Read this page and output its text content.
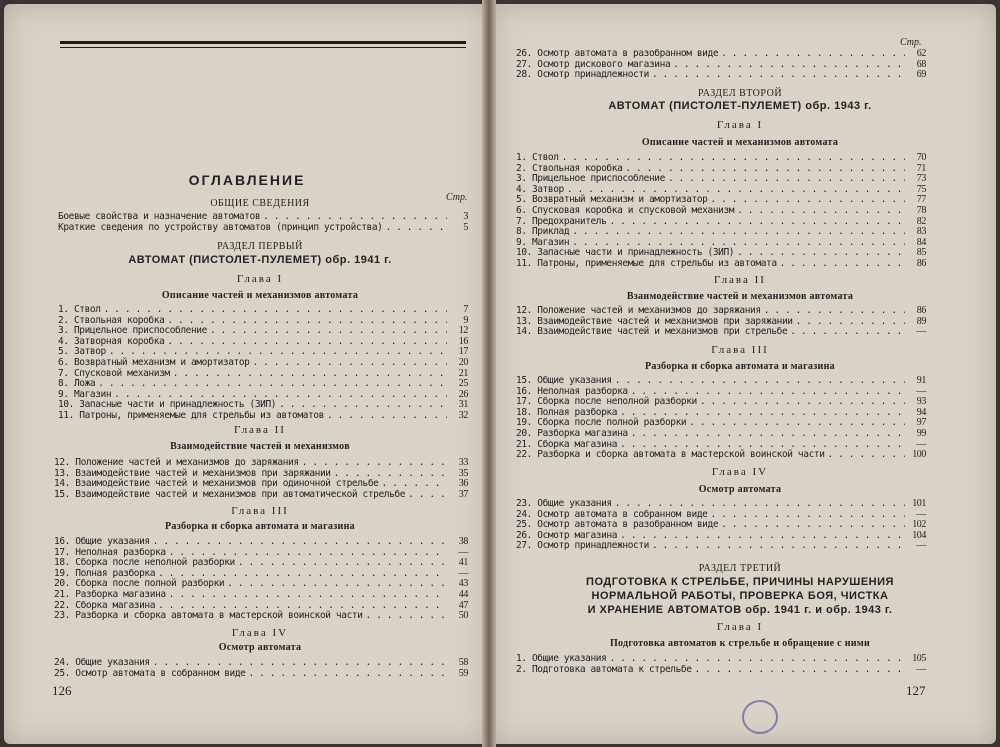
ОГЛАВЛЕНИЕ
Стр.
ОБЩИЕ СВЕДЕНИЯ
Боевые свойства и назначение автоматов . . .	3
Краткие сведения по устройству автоматов (принцип устройства) . . .	5
РАЗДЕЛ ПЕРВЫЙ
АВТОМАТ (ПИСТОЛЕТ-ПУЛЕМЕТ) обр. 1941 г.
Глава I
Описание частей и механизмов автомата
1. Ствол . . .	7
2. Ствольная коробка . . .	9
3. Прицельное приспособление . . .	12
4. Затворная коробка . . .	16
5. Затвор . . .	17
6. Возвратный механизм и амортизатор . . .	20
7. Спусковой механизм . . .	21
8. Ложа . . .	25
9. Магазин . . .	26
10. Запасные части и принадлежность (ЗИП) . . .	31
11. Патроны, применяемые для стрельбы из автоматов . . .	32
Глава II
Взаимодействие частей и механизмов
12. Положение частей и механизмов до заряжания . . .	33
13. Взаимодействие частей и механизмов при заряжании . . .	35
14. Взаимодействие частей и механизмов при одиночной стрельбе . . .	36
15. Взаимодействие частей и механизмов при автоматической стрельбе . . .	37
Глава III
Разборка и сборка автомата и магазина
16. Общие указания . . .	38
17. Неполная разборка . . .	—
18. Сборка после неполной разборки . . .	41
19. Полная разборка . . .	—
20. Сборка после полной разборки . . .	43
21. Разборка магазина . . .	44
22. Сборка магазина . . .	47
23. Разборка и сборка автомата в мастерской воинской части . . .	50
Глава IV
Осмотр автомата
24. Общие указания . . .	58
25. Осмотр автомата в собранном виде . . .	59
126
Стр.
26. Осмотр автомата в разобранном виде . . .	62
27. Осмотр дискового магазина . . .	68
28. Осмотр принадлежности . . .	69
РАЗДЕЛ ВТОРОЙ
АВТОМАТ (ПИСТОЛЕТ-ПУЛЕМЕТ) обр. 1943 г.
Глава I
Описание частей и механизмов автомата
1. Ствол . . .	70
2. Ствольная коробка . . .	71
3. Прицельное приспособление . . .	73
4. Затвор . . .	75
5. Возвратный механизм и амортизатор . . .	77
6. Спусковая коробка и спусковой механизм . . .	78
7. Предохранитель . . .	82
8. Приклад . . .	83
9. Магазин . . .	84
10. Запасные части и принадлежность (ЗИП) . . .	85
11. Патроны, применяемые для стрельбы из автомата . . .	86
Глава II
Взаимодействие частей и механизмов автомата
12. Положение частей и механизмов до заряжания . . .	86
13. Взаимодействие частей и механизмов при заряжании . . .	89
14. Взаимодействие частей и механизмов при стрельбе . . .	—
Глава III
Разборка и сборка автомата и магазина
15. Общие указания . . .	91
16. Неполная разборка . . .	—
17. Сборка после неполной разборки . . .	93
18. Полная разборка . . .	94
19. Сборка после полной разборки . . .	97
20. Разборка магазина . . .	99
21. Сборка магазина . . .	—
22. Разборка и сборка автомата в мастерской воинской части . . .	100
Глава IV
Осмотр автомата
23. Общие указания . . .	101
24. Осмотр автомата в собранном виде . . .	—
25. Осмотр автомата в разобранном виде . . .	102
26. Осмотр магазина . . .	104
27. Осмотр принадлежности . . .	—
РАЗДЕЛ ТРЕТИЙ
ПОДГОТОВКА К СТРЕЛЬБЕ, ПРИЧИНЫ НАРУШЕНИЯ
НОРМАЛЬНОЙ РАБОТЫ, ПРОВЕРКА БОЯ, ЧИСТКА
И ХРАНЕНИЕ АВТОМАТОВ обр. 1941 г. и обр. 1943 г.
Глава I
Подготовка автоматов к стрельбе и обращение с ними
1. Общие указания . . .	105
2. Подготовка автомата к стрельбе . . .	—
127
